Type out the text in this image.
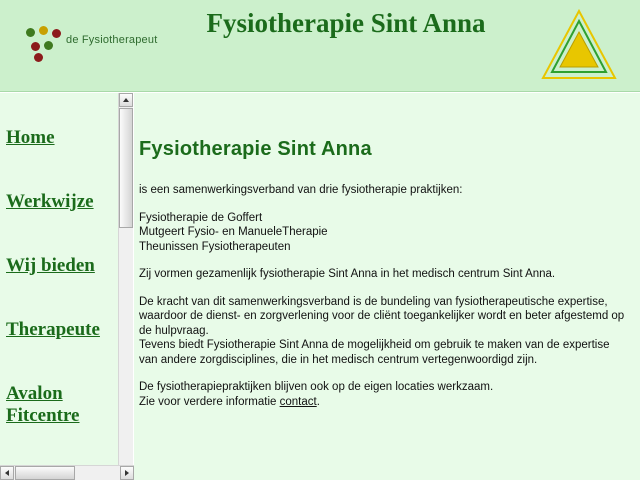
de Fysiotherapeut
Fysiotherapie Sint Anna
Home
Werkwijze
Wij bieden
Therapeute
Avalon Fitcentre
Fysiotherapie Sint Anna

is een samenwerkingsverband van drie fysiotherapie praktijken:

Fysiotherapie de Goffert
Mutgeert Fysio- en ManueleTherapie
Theunissen Fysiotherapeuten

Zij vormen gezamenlijk fysiotherapie Sint Anna in het medisch centrum Sint Anna.

De kracht van dit samenwerkingsverband is de bundeling van fysiotherapeutische expertise, waardoor de dienst- en zorgverlening voor de cliënt toegankelijker wordt en beter afgestemd op de hulpvraag.
Tevens biedt Fysiotherapie Sint Anna de mogelijkheid om gebruik te maken van de expertise van andere zorgdisciplines, die in het medisch centrum vertegenwoordigd zijn.

De fysiotherapiepraktijken blijven ook op de eigen locaties werkzaam.
Zie voor verdere informatie contact.
